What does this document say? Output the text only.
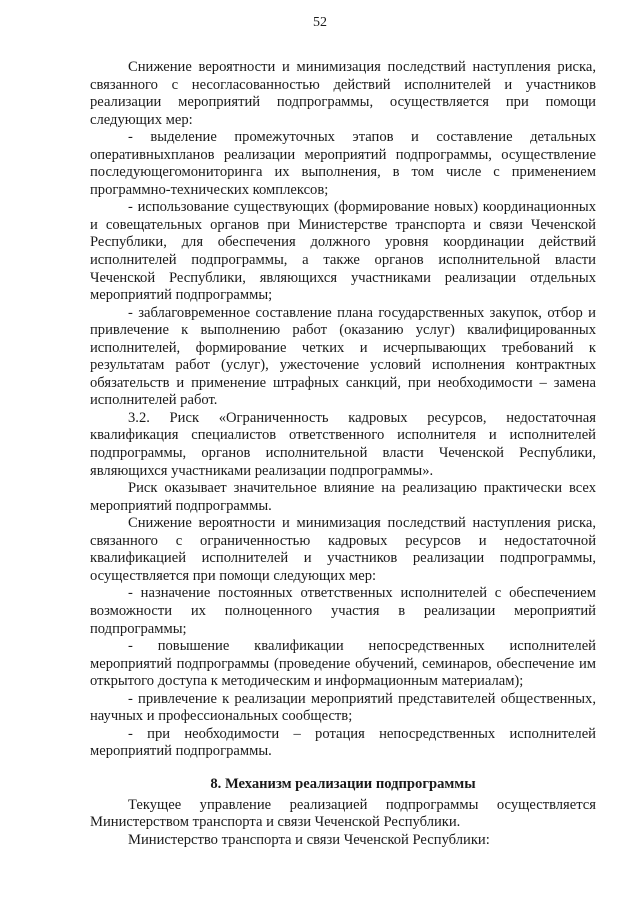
52

Снижение вероятности и минимизация последствий наступления риска, связанного с несогласованностью действий исполнителей и участников реализации мероприятий подпрограммы, осуществляется при помощи следующих мер:

- выделение промежуточных этапов и составление детальных оперативныхпланов реализации мероприятий подпрограммы, осуществление последующегомониторинга их выполнения, в том числе с применением программно-технических комплексов;

- использование существующих (формирование новых) координационных и совещательных органов при Министерстве транспорта и связи Чеченской Республики, для обеспечения должного уровня координации действий исполнителей подпрограммы, а также органов исполнительной власти Чеченской Республики, являющихся участниками реализации отдельных мероприятий подпрограммы;

- заблаговременное составление плана государственных закупок, отбор и привлечение к выполнению работ (оказанию услуг) квалифицированных исполнителей, формирование четких и исчерпывающих требований к результатам работ (услуг), ужесточение условий исполнения контрактных обязательств и применение штрафных санкций, при необходимости – замена исполнителей работ.

3.2. Риск «Ограниченность кадровых ресурсов, недостаточная квалификация специалистов ответственного исполнителя и исполнителей подпрограммы, органов исполнительной власти Чеченской Республики, являющихся участниками реализации подпрограммы».

Риск оказывает значительное влияние на реализацию практически всех мероприятий подпрограммы.

Снижение вероятности и минимизация последствий наступления риска, связанного с ограниченностью кадровых ресурсов и недостаточной квалификацией исполнителей и участников реализации подпрограммы, осуществляется при помощи следующих мер:

- назначение постоянных ответственных исполнителей с обеспечением возможности их полноценного участия в реализации мероприятий подпрограммы;

- повышение квалификации непосредственных исполнителей мероприятий подпрограммы (проведение обучений, семинаров, обеспечение им открытого доступа к методическим и информационным материалам);

- привлечение к реализации мероприятий представителей общественных, научных и профессиональных сообществ;

- при необходимости – ротация непосредственных исполнителей мероприятий подпрограммы.

8. Механизм реализации подпрограммы

Текущее управление реализацией подпрограммы осуществляется Министерством транспорта и связи Чеченской Республики.

Министерство транспорта и связи Чеченской Республики:
